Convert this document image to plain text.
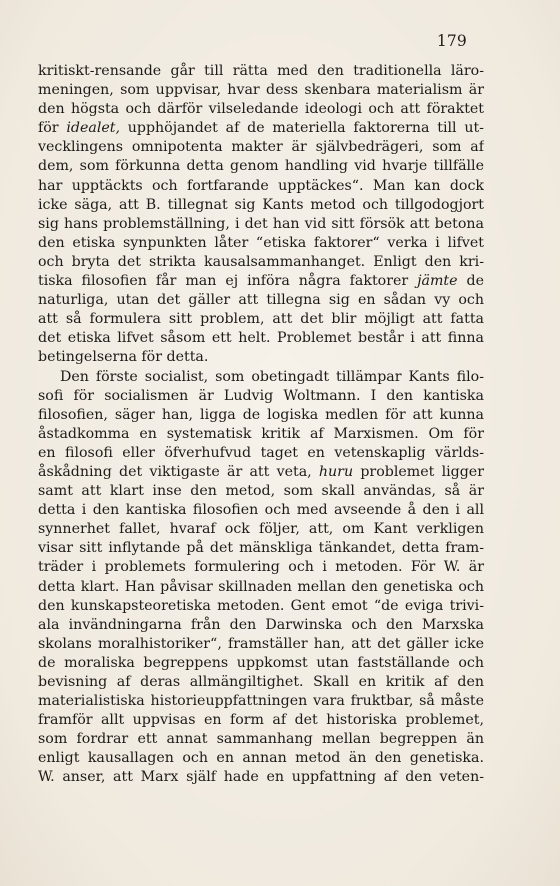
179
kritiskt-rensande går till rätta med den traditionella läro-
meningen, som uppvisar, hvar dess skenbara materialism är
den högsta och därför vilseledande ideologi och att föraktet
för idealet, upphöjandet af de materiella faktorerna till ut-
vecklingens omnipotenta makter är självbedrägeri, som af
dem, som förkunna detta genom handling vid hvarje tillfälle
har upptäckts och fortfarande upptäckes“. Man kan dock
icke säga, att B. tillegnat sig Kants metod och tillgodogjort
sig hans problemställning, i det han vid sitt försök att betona
den etiska synpunkten låter “etiska faktorer“ verka i lifvet
och bryta det strikta kausalsammanhanget. Enligt den kri-
tiska filosofien får man ej införa några faktorer jämte de
naturliga, utan det gäller att tillegna sig en sådan vy och
att så formulera sitt problem, att det blir möjligt att fatta
det etiska lifvet såsom ett helt. Problemet består i att finna
betingelserna för detta.
Den förste socialist, som obetingadt tillämpar Kants filo-
sofi för socialismen är Ludvig Woltmann. I den kantiska
filosofien, säger han, ligga de logiska medlen för att kunna
åstadkomma en systematisk kritik af Marxismen. Om för
en filosofi eller öfverhufvud taget en vetenskaplig världs-
åskådning det viktigaste är att veta, huru problemet ligger
samt att klart inse den metod, som skall användas, så är
detta i den kantiska filosofien och med avseende å den i all
synnerhet fallet, hvaraf ock följer, att, om Kant verkligen
visar sitt inflytande på det mänskliga tänkandet, detta fram-
träder i problemets formulering och i metoden. För W. är
detta klart. Han påvisar skillnaden mellan den genetiska och
den kunskapsteoretiska metoden. Gent emot “de eviga trivi-
ala invändningarna från den Darwinska och den Marxska
skolans moralhistoriker“, framställer han, att det gäller icke
de moraliska begreppens uppkomst utan fastställande och
bevisning af deras allmängiltighet. Skall en kritik af den
materialistiska historieuppfattningen vara fruktbar, så måste
framför allt uppvisas en form af det historiska problemet,
som fordrar ett annat sammanhang mellan begreppen än
enligt kausallagen och en annan metod än den genetiska.
W. anser, att Marx själf hade en uppfattning af den veten-
